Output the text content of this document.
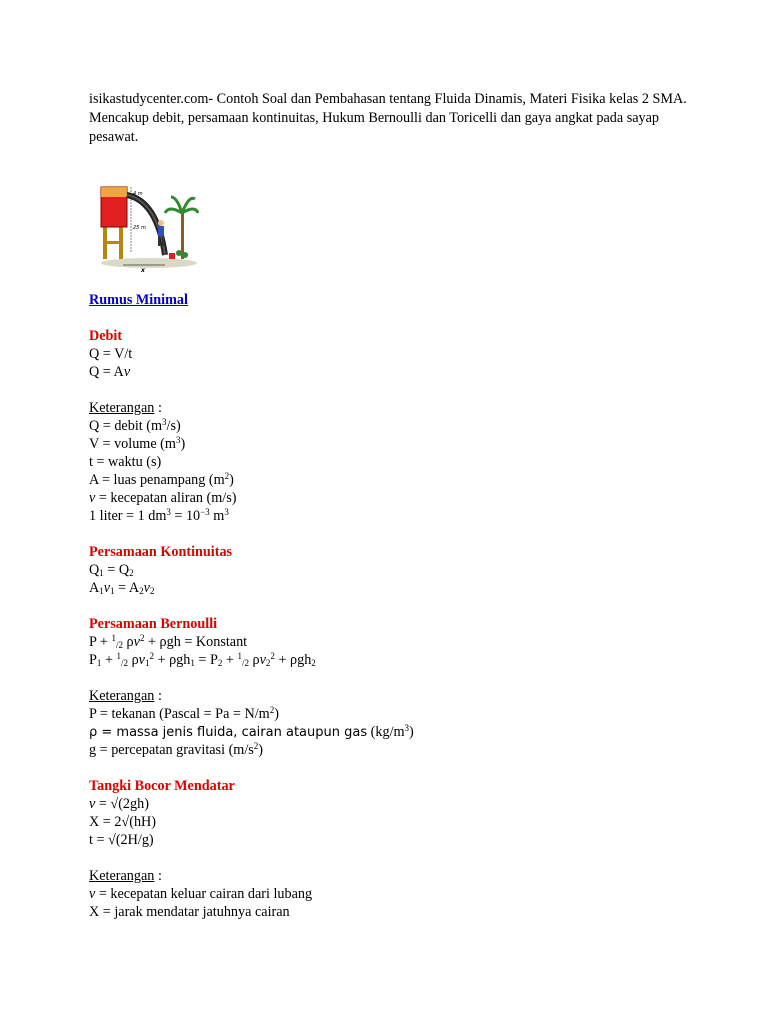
isikastudycenter.com- Contoh Soal dan Pembahasan tentang Fluida Dinamis, Materi Fisika kelas 2 SMA. Mencakup debit, persamaan kontinuitas, Hukum Bernoulli dan Toricelli dan gaya angkat pada sayap pesawat.

4 m
25 m
x
Rumus Minimal
Debit
Q = V/t
Q = Av
Keterangan :
Q = debit $(m^3/s)$
V = volume $(m^3)$
t = waktu (s)
A = luas penampang $(m^2)$
v = kecepatan aliran (m/s)
1 liter = 1 $dm^3 = 10^{-3}$ $m^3$
Persamaan Kontinuitas
$Q_1 = Q_2$
$A_1v_1 = A_2v_2$
Persamaan Bernoulli
P + $^1_{/2}$ $\rho v^2 + \rho gh$ = Konstant
$P_1 + ^1_{/2}$ $\rho v_1^2 + \rho gh_1 = P_2 + ^1_{/2}$ $\rho v_2^2 + \rho gh_2$
Keterangan :
P = tekanan (Pascal = $Pa = N/m^2$)
ρ = massa jenis fluida, cairan ataupun gas $(kg/m^3)$
g = percepatan gravitasi $(m/s^2)$
Tangki Bocor Mendatar
v = √(2gh)
X = 2√(hH)
t = √(2H/g)
Keterangan :
v = kecepatan keluar cairan dari lubang
X = jarak mendatar jatuhnya cairan
